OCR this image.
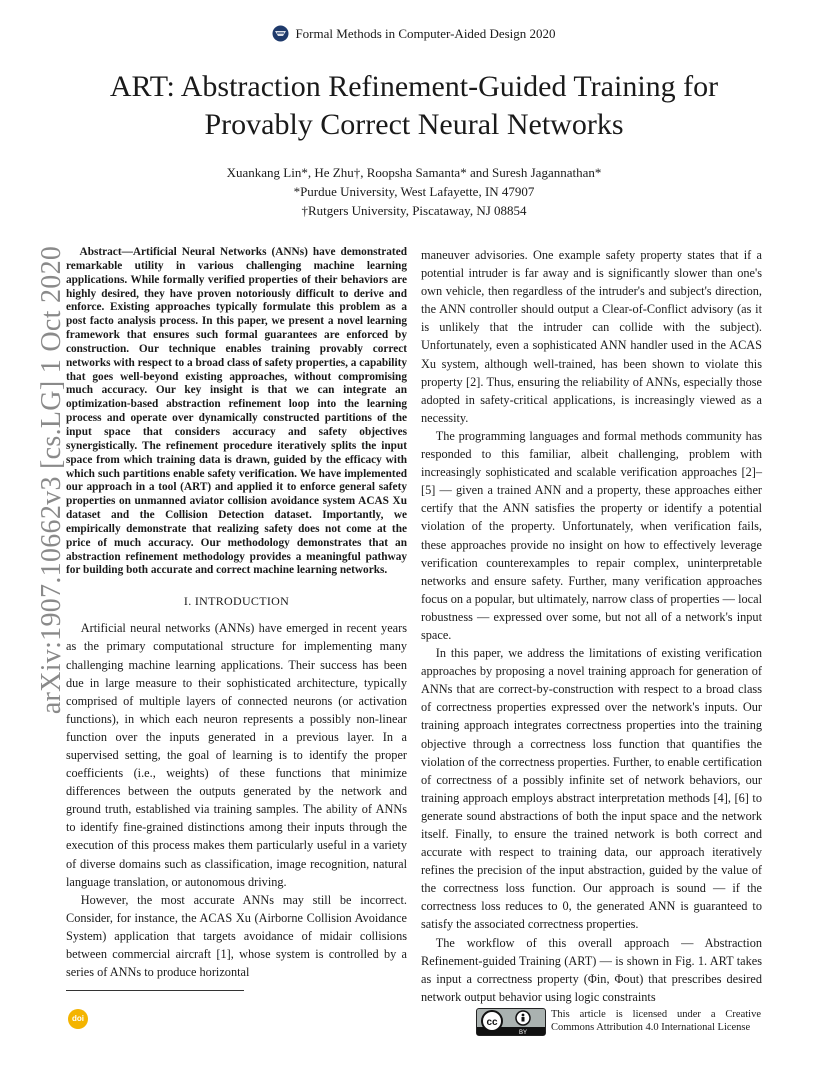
Formal Methods in Computer-Aided Design 2020
ART: Abstraction Refinement-Guided Training for
Provably Correct Neural Networks
Xuankang Lin*, He Zhu†, Roopsha Samanta* and Suresh Jagannathan*
*Purdue University, West Lafayette, IN 47907
†Rutgers University, Piscataway, NJ 08854
arXiv:1907.10662v3 [cs.LG] 1 Oct 2020	Abstract—Artificial Neural Networks (ANNs) have demonstrated remarkable utility in various challenging machine learning applications. While formally verified properties of their behaviors are highly desired, they have proven notoriously difficult to derive and enforce. Existing approaches typically formulate this problem as a post facto analysis process. In this paper, we present a novel learning framework that ensures such formal guarantees are enforced by construction. Our technique enables training provably correct networks with respect to a broad class of safety properties, a capability that goes well-beyond existing approaches, without compromising much accuracy. Our key insight is that we can integrate an optimization-based abstraction refinement loop into the learning process and operate over dynamically constructed partitions of the input space that considers accuracy and safety objectives synergistically. The refinement procedure iteratively splits the input space from which training data is drawn, guided by the efficacy with which such partitions enable safety verification. We have implemented our approach in a tool (ART) and applied it to enforce general safety properties on unmanned aviator collision avoidance system ACAS Xu dataset and the Collision Detection dataset. Importantly, we empirically demonstrate that realizing safety does not come at the price of much accuracy. Our methodology demonstrates that an abstraction refinement methodology provides a meaningful pathway for building both accurate and correct machine learning networks.

I. INTRODUCTION

Artificial neural networks (ANNs) have emerged in recent years as the primary computational structure for implementing many challenging machine learning applications. Their success has been due in large measure to their sophisticated architecture, typically comprised of multiple layers of connected neurons (or activation functions), in which each neuron represents a possibly non-linear function over the inputs generated in a previous layer. In a supervised setting, the goal of learning is to identify the proper coefficients (i.e., weights) of these functions that minimize differences between the outputs generated by the network and ground truth, established via training samples. The ability of ANNs to identify fine-grained distinctions among their inputs through the execution of this process makes them particularly useful in a variety of diverse domains such as classification, image recognition, natural language translation, or autonomous driving.

However, the most accurate ANNs may still be incorrect. Consider, for instance, the ACAS Xu (Airborne Collision Avoidance System) application that targets avoidance of midair collisions between commercial aircraft [1], whose system is controlled by a series of ANNs to produce horizontal

maneuver advisories. One example safety property states that if a potential intruder is far away and is significantly slower than one's own vehicle, then regardless of the intruder's and subject's direction, the ANN controller should output a Clear-of-Conflict advisory (as it is unlikely that the intruder can collide with the subject). Unfortunately, even a sophisticated ANN handler used in the ACAS Xu system, although well-trained, has been shown to violate this property [2]. Thus, ensuring the reliability of ANNs, especially those adopted in safety-critical applications, is increasingly viewed as a necessity.

The programming languages and formal methods community has responded to this familiar, albeit challenging, problem with increasingly sophisticated and scalable verification approaches [2]–[5] — given a trained ANN and a property, these approaches either certify that the ANN satisfies the property or identify a potential violation of the property. Unfortunately, when verification fails, these approaches provide no insight on how to effectively leverage verification counterexamples to repair complex, uninterpretable networks and ensure safety. Further, many verification approaches focus on a popular, but ultimately, narrow class of properties — local robustness — expressed over some, but not all of a network's input space.

In this paper, we address the limitations of existing verification approaches by proposing a novel training approach for generation of ANNs that are correct-by-construction with respect to a broad class of correctness properties expressed over the network's inputs. Our training approach integrates correctness properties into the training objective through a correctness loss function that quantifies the violation of the correctness properties. Further, to enable certification of correctness of a possibly infinite set of network behaviors, our training approach employs abstract interpretation methods [4], [6] to generate sound abstractions of both the input space and the network itself. Finally, to ensure the trained network is both correct and accurate with respect to training data, our approach iteratively refines the precision of the input abstraction, guided by the value of the correctness loss function. Our approach is sound — if the correctness loss reduces to 0, the generated ANN is guaranteed to satisfy the associated correctness properties.

The workflow of this overall approach — Abstraction Refinement-guided Training (ART) — is shown in Fig. 1. ART takes as input a correctness property (Φin, Φout) that prescribes desired network output behavior using logic constraints

doi	cc
BY
This article is licensed under a Creative Commons Attribution 4.0 International License
